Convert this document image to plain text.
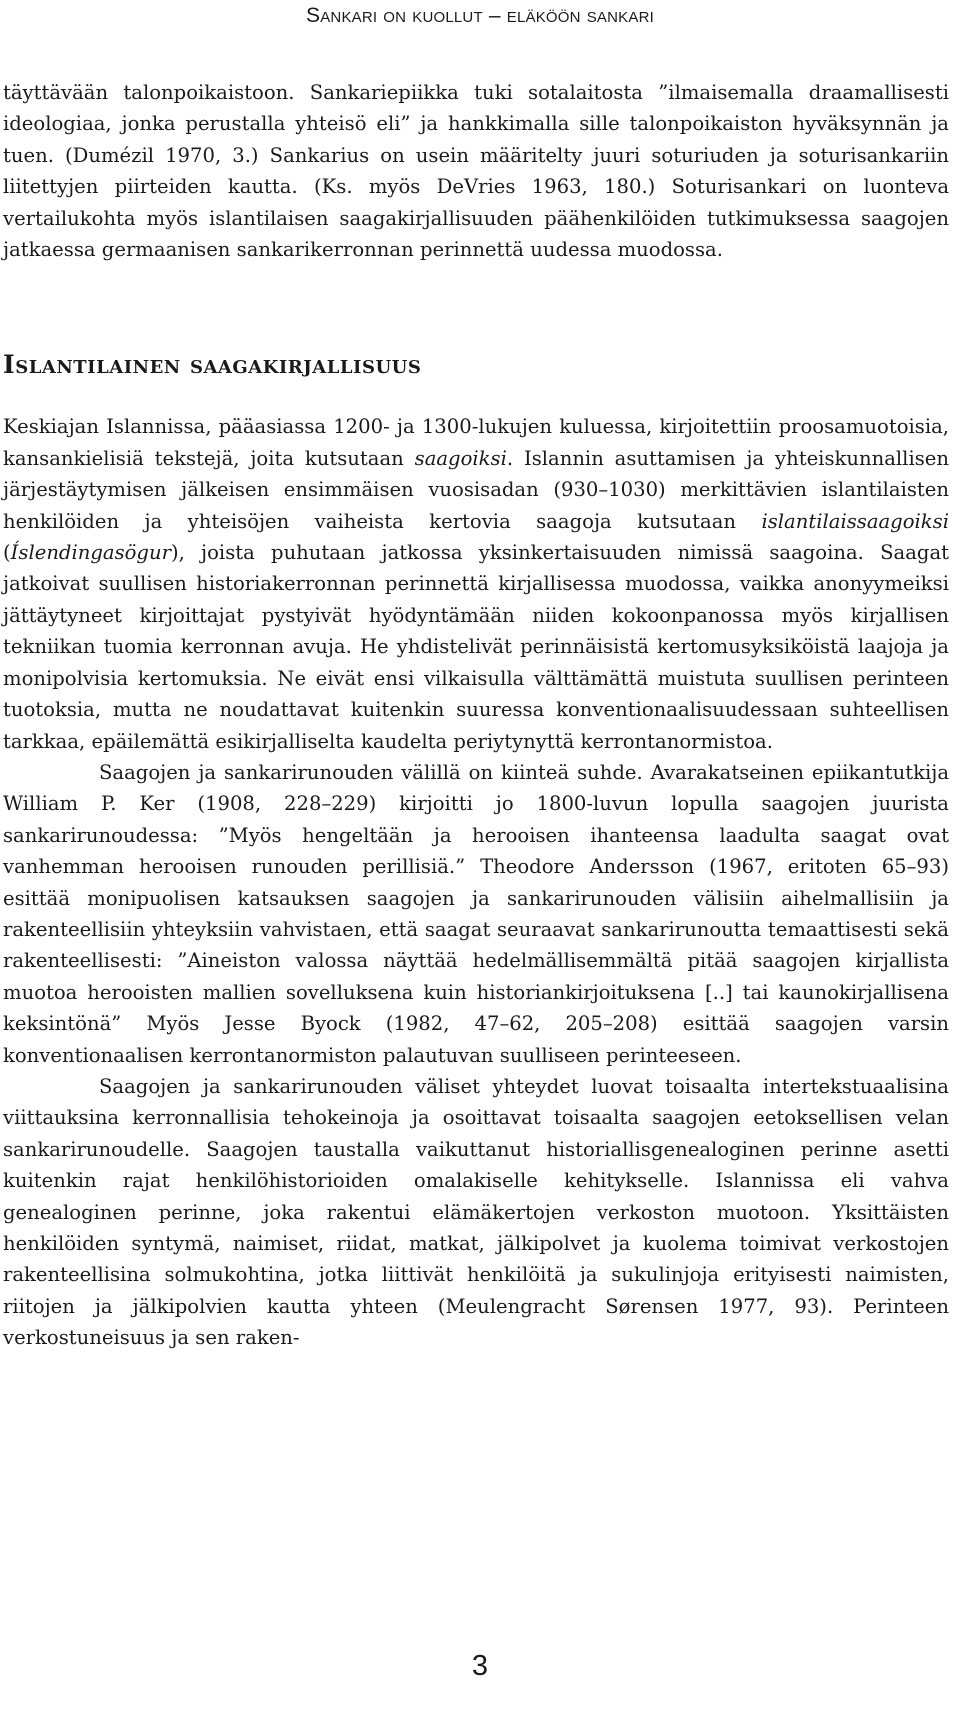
Sankari on kuollut – eläköön sankari

täyttävään talonpoikaistoon. Sankariepiikka tuki sotalaitosta ”ilmaisemalla draamallisesti ideologiaa, jonka perustalla yhteisö eli” ja hankkimalla sille talonpoikaiston hyväksynnän ja tuen. (Dumézil 1970, 3.) Sankarius on usein määritelty juuri soturiuden ja soturisankariin liitettyjen piirteiden kautta. (Ks. myös DeVries 1963, 180.) Soturisankari on luonteva vertailukohta myös islantilaisen saagakirjallisuuden päähenkilöiden tutkimuksessa saagojen jatkaessa germaanisen sankarikerronnan perinnettä uudessa muodossa.

Islantilainen saagakirjallisuus

Keskiajan Islannissa, pääasiassa 1200- ja 1300-lukujen kuluessa, kirjoitettiin proosamuotoisia, kansankielisiä tekstejä, joita kutsutaan saagoiksi. Islannin asuttamisen ja yhteiskunnallisen järjestäytymisen jälkeisen ensimmäisen vuosisadan (930–1030) merkittävien islantilaisten henkilöiden ja yhteisöjen vaiheista kertovia saagoja kutsutaan islantilaissaagoiksi (Íslendingasögur), joista puhutaan jatkossa yksinkertaisuuden nimissä saagoina. Saagat jatkoivat suullisen historiakerronnan perinnettä kirjallisessa muodossa, vaikka anonyymeiksi jättäytyneet kirjoittajat pystyivät hyödyntämään niiden kokoonpanossa myös kirjallisen tekniikan tuomia kerronnan avuja. He yhdistelivät perinnäisistä kertomusyksiköistä laajoja ja monipolvisia kertomuksia. Ne eivät ensi vilkaisulla välttämättä muistuta suullisen perinteen tuotoksia, mutta ne noudattavat kuitenkin suuressa konventionaalisuudessaan suhteellisen tarkkaa, epäilemättä esikirjalliselta kaudelta periytynyttä kerrontanormistoa.

Saagojen ja sankarirunouden välillä on kiinteä suhde. Avarakatseinen epiikantutkija William P. Ker (1908, 228–229) kirjoitti jo 1800-luvun lopulla saagojen juurista sankarirunoudessa: ”Myös hengeltään ja herooisen ihanteensa laadulta saagat ovat vanhemman herooisen runouden perillisiä.” Theodore Andersson (1967, eritoten 65–93) esittää monipuolisen katsauksen saagojen ja sankarirunouden välisiin aihelmallisiin ja rakenteellisiin yhteyksiin vahvistaen, että saagat seuraavat sankarirunoutta temaattisesti sekä rakenteellisesti: ”Aineiston valossa näyttää hedelmällisemmältä pitää saagojen kirjallista muotoa herooisten mallien sovelluksena kuin historiankirjoituksena [..] tai kaunokirjallisena keksintönä” Myös Jesse Byock (1982, 47–62, 205–208) esittää saagojen varsin konventionaalisen kerrontanormiston palautuvan suulliseen perinteeseen.

Saagojen ja sankarirunouden väliset yhteydet luovat toisaalta intertekstuaalisina viittauksina kerronnallisia tehokeinoja ja osoittavat toisaalta saagojen eetoksellisen velan sankarirunoudelle. Saagojen taustalla vaikuttanut historiallisgenealoginen perinne asetti kuitenkin rajat henkilöhistorioiden omalakiselle kehitykselle. Islannissa eli vahva genealoginen perinne, joka rakentui elämäkertojen verkoston muotoon. Yksittäisten henkilöiden syntymä, naimiset, riidat, matkat, jälkipolvet ja kuolema toimivat verkostojen rakenteellisina solmukohtina, jotka liittivät henkilöitä ja sukulinjoja erityisesti naimisten, riitojen ja jälkipolvien kautta yhteen (Meulengracht Sørensen 1977, 93). Perinteen verkostuneisuus ja sen raken-

3
